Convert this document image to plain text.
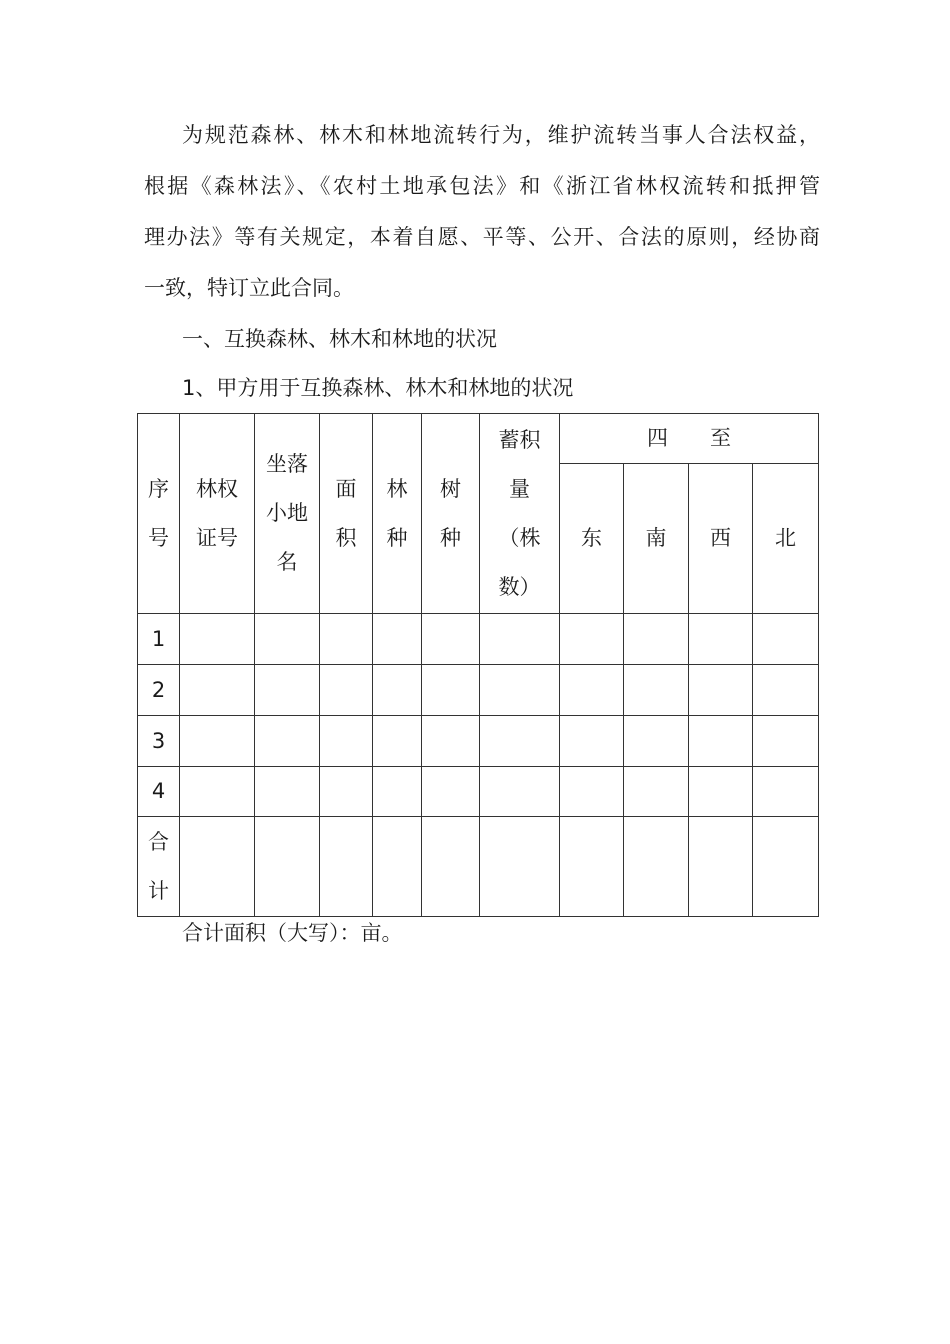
为规范森林、林木和林地流转行为，维护流转当事人合法权益，
根据《森林法》、《农村土地承包法》和《浙江省林权流转和抵押管
理办法》等有关规定，本着自愿、平等、公开、合法的原则，经协商
一致，特订立此合同。

一、互换森林、林木和林地的状况

1、甲方用于互换森林、林木和林地的状况

序号	林权证号	坐落小地名	面积	林种	树种	蓄积量（株数）	四 至			
							东	南	西	北
1										
2										
3										
4										
合计										

合计面积（大写）：亩。
